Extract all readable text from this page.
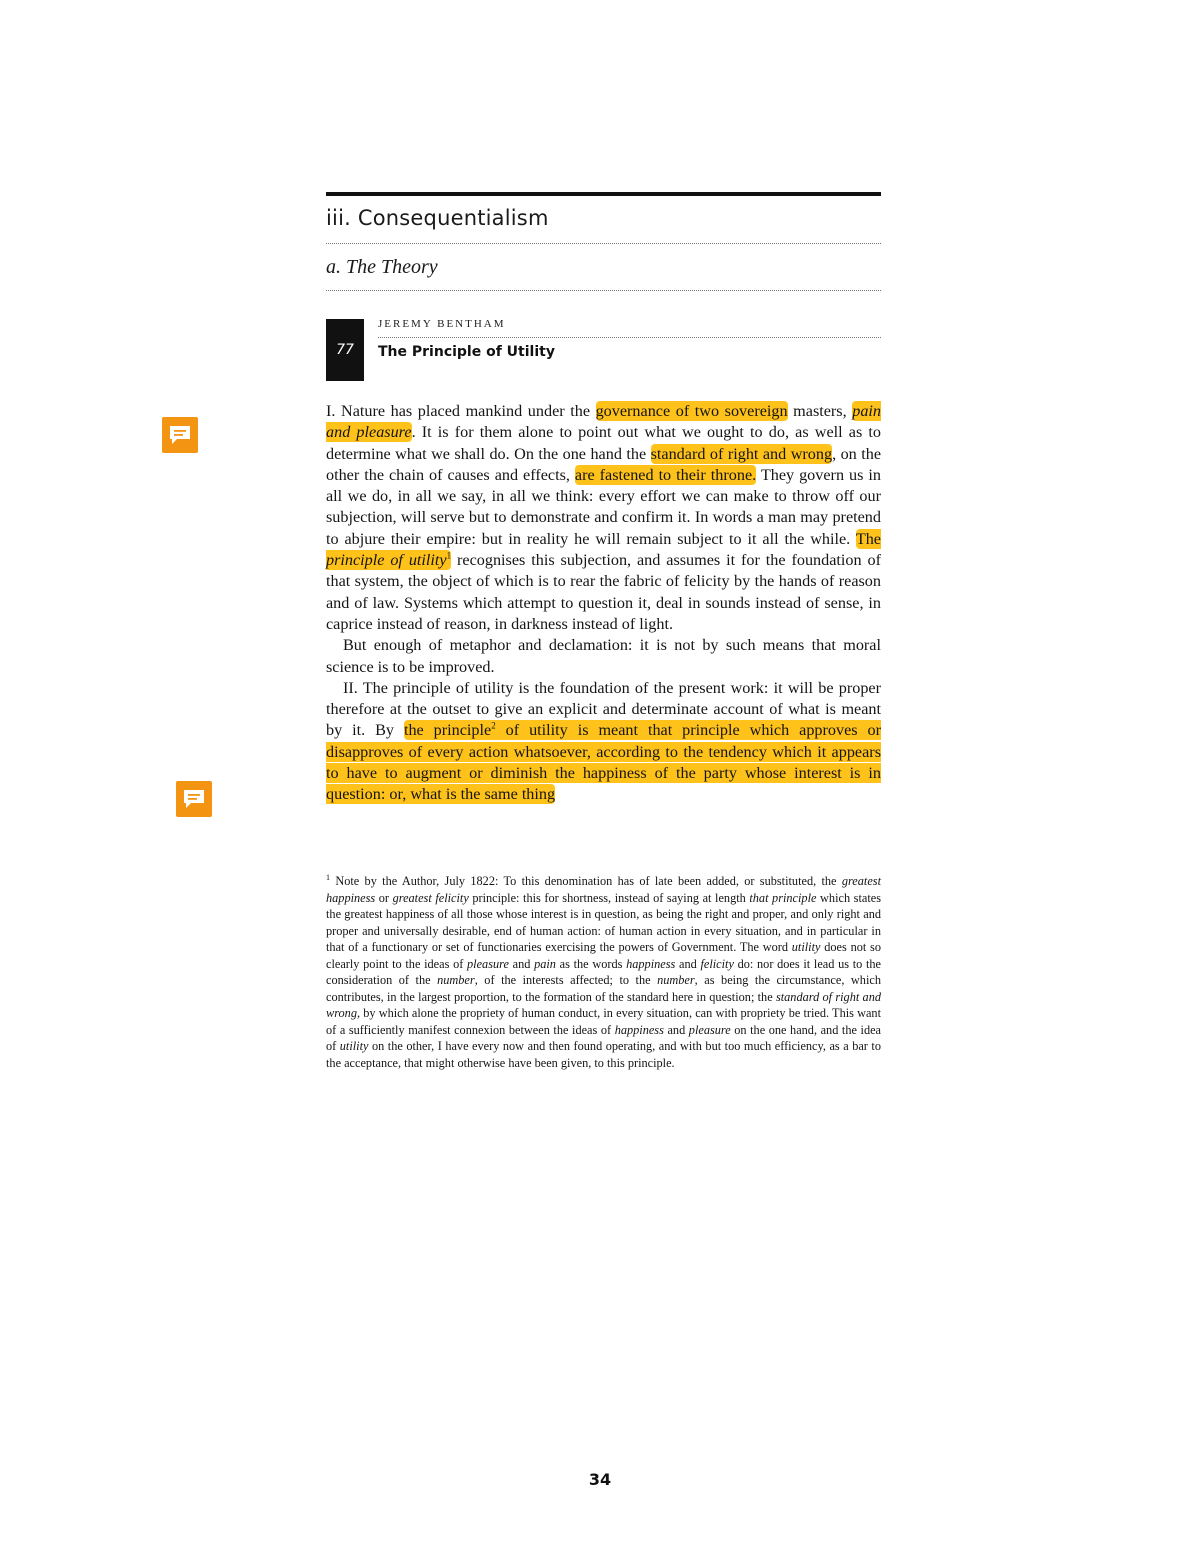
iii. Consequentialism
a. The Theory
77
JEREMY BENTHAM
The Principle of Utility

I. Nature has placed mankind under the governance of two sovereign masters, pain and pleasure. It is for them alone to point out what we ought to do, as well as to determine what we shall do. On the one hand the standard of right and wrong, on the other the chain of causes and effects, are fastened to their throne. They govern us in all we do, in all we say, in all we think: every effort we can make to throw off our subjection, will serve but to demonstrate and confirm it. In words a man may pretend to abjure their empire: but in reality he will remain subject to it all the while. The principle of utility$^1$ recognises this subjection, and assumes it for the foundation of that system, the object of which is to rear the fabric of felicity by the hands of reason and of law. Systems which attempt to question it, deal in sounds instead of sense, in caprice instead of reason, in darkness instead of light.

But enough of metaphor and declamation: it is not by such means that moral science is to be improved.

II. The principle of utility is the foundation of the present work: it will be proper therefore at the outset to give an explicit and determinate account of what is meant by it. By the principle$^2$ of utility is meant that principle which approves or disapproves of every action whatsoever, according to the tendency which it appears to have to augment or diminish the happiness of the party whose interest is in question: or, what is the same thing

$^1$ Note by the Author, July 1822: To this denomination has of late been added, or substituted, the greatest happiness or greatest felicity principle: this for shortness, instead of saying at length that principle which states the greatest happiness of all those whose interest is in question, as being the right and proper, and only right and proper and universally desirable, end of human action: of human action in every situation, and in particular in that of a functionary or set of functionaries exercising the powers of Government. The word utility does not so clearly point to the ideas of pleasure and pain as the words happiness and felicity do: nor does it lead us to the consideration of the number, of the interests affected; to the number, as being the circumstance, which contributes, in the largest proportion, to the formation of the standard here in question; the standard of right and wrong, by which alone the propriety of human conduct, in every situation, can with propriety be tried. This want of a sufficiently manifest connexion between the ideas of happiness and pleasure on the one hand, and the idea of utility on the other, I have every now and then found operating, and with but too much efficiency, as a bar to the acceptance, that might otherwise have been given, to this principle.
34
